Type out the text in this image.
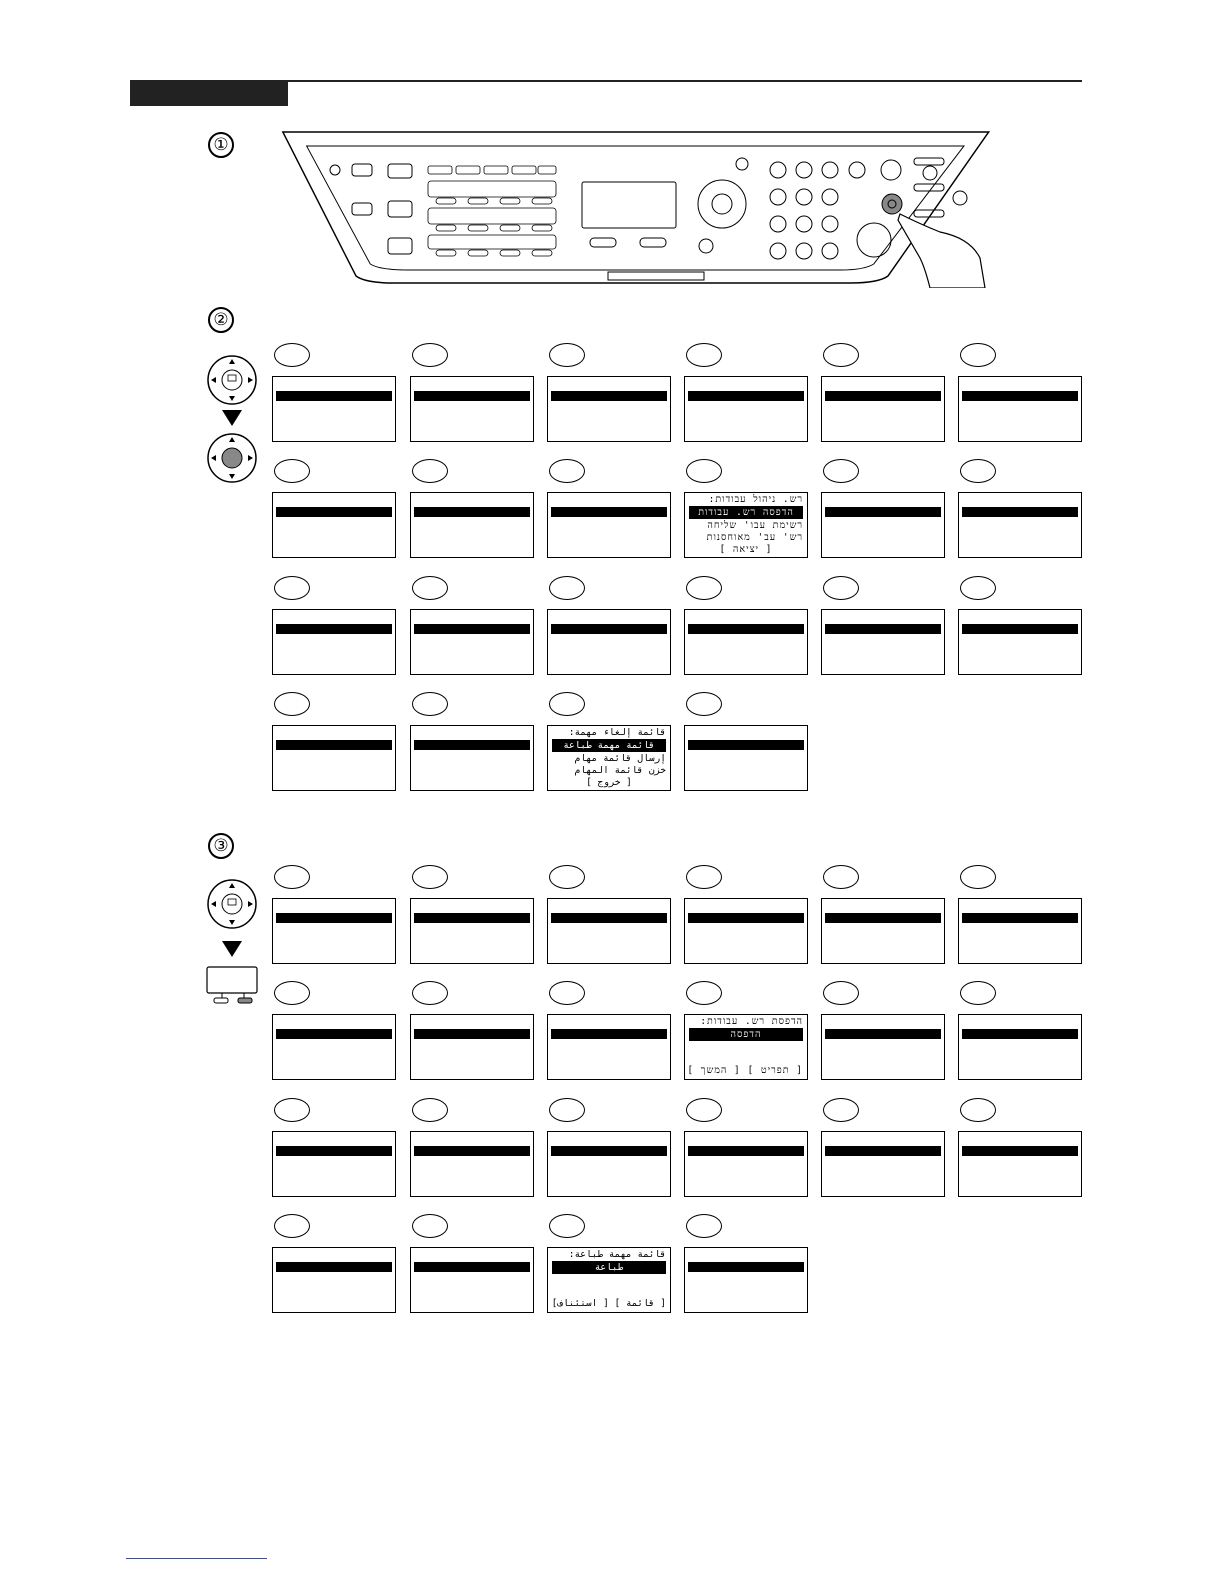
①
②
רש. ניהול עבודות:
הדפסה רש. עבודות
רשימת עבו' שליחה
רש' עב' מאוחסנות
[ יציאה ]
قائمة إلغاء مهمة:
قائمة مهمة طباعة
إرسال قائمة مهام
خزن قائمة المهام
[ خروج ]
③
הדפסת רש. עבודות:
הדפסה
[ תפריט ] [ המשך ]
قائمة مهمة طباعة:
طباعة
[ قائمة ] [ استئناف]
